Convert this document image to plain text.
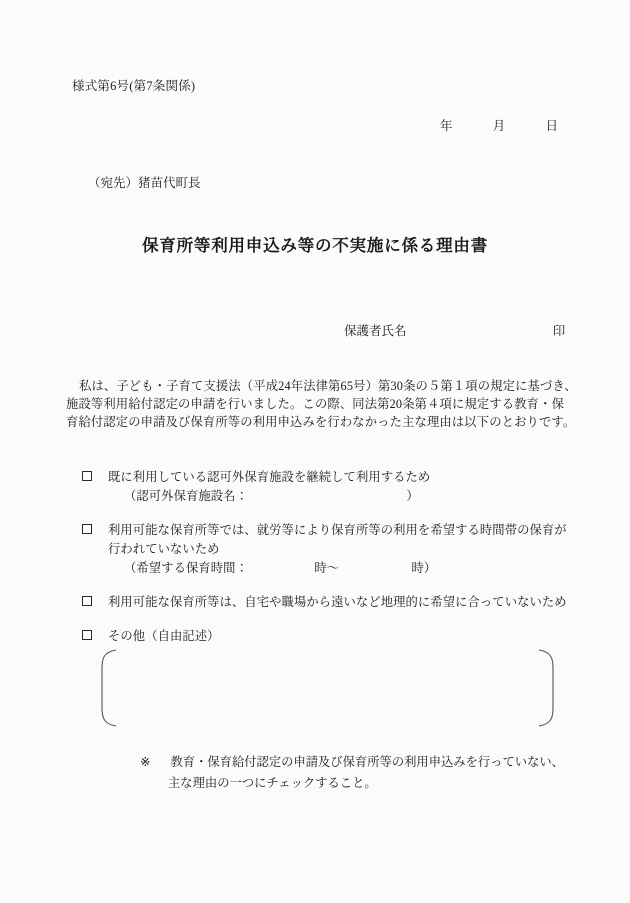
様式第6号(第7条関係)
年	月	日
（宛先）猪苗代町長
保育所等利用申込み等の不実施に係る理由書
保護者氏名	印
私は、子ども・子育て支援法（平成24年法律第65号）第30条の５第１項の規定に基づき、
施設等利用給付認定の申請を行いました。この際、同法第20条第４項に規定する教育・保
育給付認定の申請及び保育所等の利用申込みを行わなかった主な理由は以下のとおりです。
既に利用している認可外保育施設を継続して利用するため
（認可外保育施設名：	）
利用可能な保育所等では、就労等により保育所等の利用を希望する時間帯の保育が
行われていないため
（希望する保育時間：	時〜	時）
利用可能な保育所等は、自宅や職場から遠いなど地理的に希望に合っていないため
その他（自由記述）
※ 教育・保育給付認定の申請及び保育所等の利用申込みを行っていない、
主な理由の一つにチェックすること。
